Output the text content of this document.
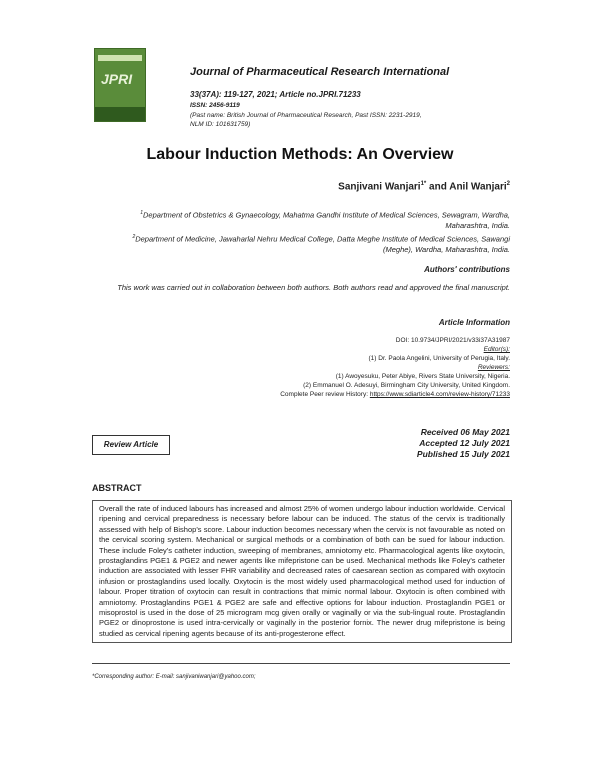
JPRI	Journal of Pharmaceutical Research International
33(37A): 119-127, 2021; Article no.JPRI.71233
ISSN: 2456-9119
(Past name: British Journal of Pharmaceutical Research, Past ISSN: 2231-2919,
NLM ID: 101631759)
Labour Induction Methods: An Overview
Sanjivani Wanjari$^{1*}$ and Anil Wanjari$^2$
$^1$Department of Obstetrics & Gynaecology, Mahatma Gandhi Institute of Medical Sciences, Sewagram, Wardha, Maharashtra, India.
$^2$Department of Medicine, Jawaharlal Nehru Medical College, Datta Meghe Institute of Medical Sciences, Sawangi (Meghe), Wardha, Maharashtra, India.
Authors' contributions
This work was carried out in collaboration between both authors. Both authors read and approved the final manuscript.
Article Information
DOI: 10.9734/JPRI/2021/v33i37A31987
Editor(s):
(1) Dr. Paola Angelini, University of Perugia, Italy.
Reviewers:
(1) Awoyesuku, Peter Abiye, Rivers State University, Nigeria.
(2) Emmanuel O. Adesuyi, Birmingham City University, United Kingdom.
Complete Peer review History: https://www.sdiarticle4.com/review-history/71233
Review Article
Received 06 May 2021
Accepted 12 July 2021
Published 15 July 2021
ABSTRACT
Overall the rate of induced labours has increased and almost 25% of women undergo labour induction worldwide. Cervical ripening and cervical preparedness is necessary before labour can be induced. The status of the cervix is traditionally assessed with help of Bishop's score. Labour induction becomes necessary when the cervix is not favourable as noted on the cervical scoring system. Mechanical or surgical methods or a combination of both can be sued for labour induction. These include Foley's catheter induction, sweeping of membranes, amniotomy etc. Pharmacological agents like oxytocin, prostaglandins PGE1 & PGE2 and newer agents like mifepristone can be used. Mechanical methods like Foley's catheter induction are associated with lesser FHR variability and decreased rates of caesarean section as compared with oxytocin infusion or prostaglandins used locally. Oxytocin is the most widely used pharmacological method used for induction of labour. Proper titration of oxytocin can result in contractions that mimic normal labour. Oxytocin is often combined with amniotomy. Prostaglandins PGE1 & PGE2 are safe and effective options for labour induction. Prostaglandin PGE1 or misoprostol is used in the dose of 25 microgram mcg given orally or vaginally or via the sub-lingual route. Prostaglandin PGE2 or dinoprostone is used intra-cervically or vaginally in the posterior fornix. The newer drug mifepristone is being studied as cervical ripening agents because of its anti-progesterone effect.
*Corresponding author: E-mail: sanjivaniwanjari@yahoo.com;
